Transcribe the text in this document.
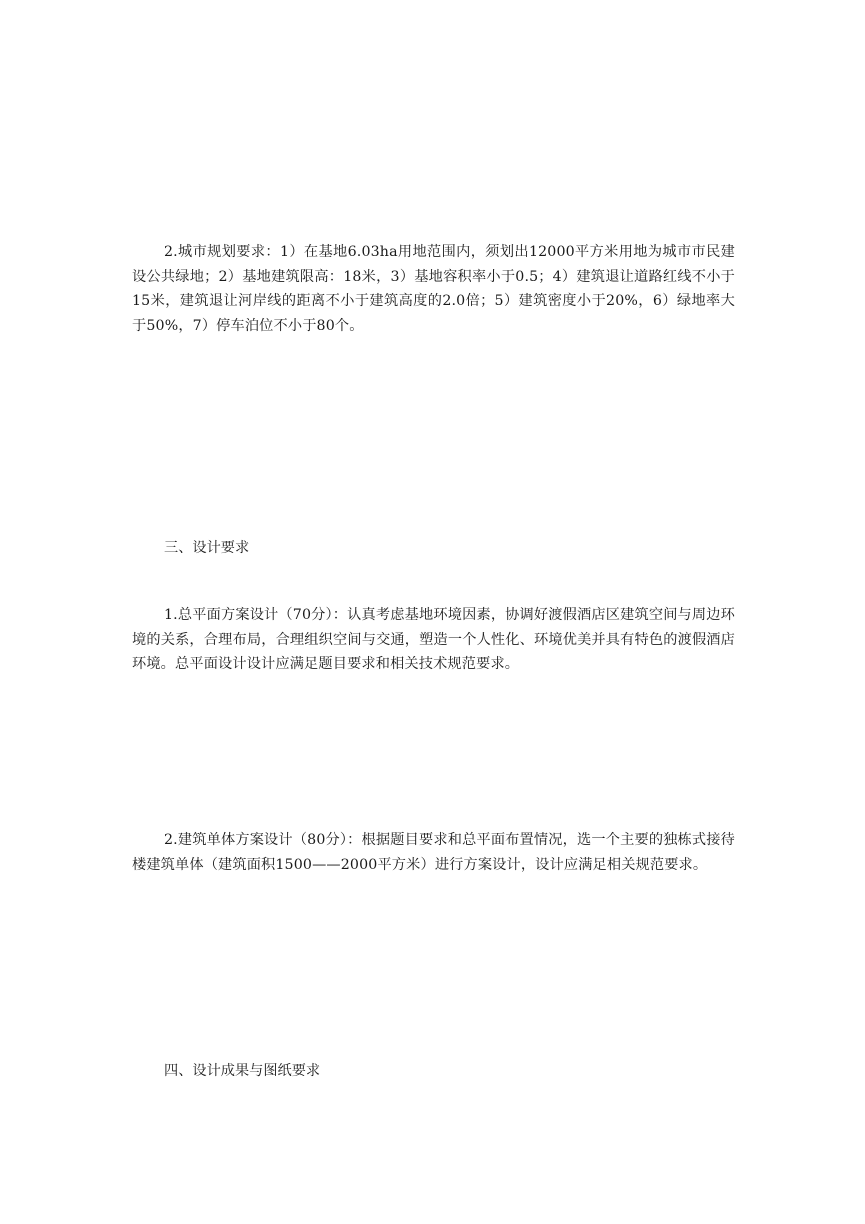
2.城市规划要求：1）在基地6.03ha用地范围内，须划出12000平方米用地为城市市民建设公共绿地；2）基地建筑限高：18米，3）基地容积率小于0.5；4）建筑退让道路红线不小于15米，建筑退让河岸线的距离不小于建筑高度的2.0倍；5）建筑密度小于20%，6）绿地率大于50%，7）停车泊位不小于80个。

三、设计要求

1.总平面方案设计（70分）：认真考虑基地环境因素，协调好渡假酒店区建筑空间与周边环境的关系，合理布局，合理组织空间与交通，塑造一个人性化、环境优美并具有特色的渡假酒店环境。总平面设计设计应满足题目要求和相关技术规范要求。

2.建筑单体方案设计（80分）：根据题目要求和总平面布置情况，选一个主要的独栋式接待楼建筑单体（建筑面积1500——2000平方米）进行方案设计，设计应满足相关规范要求。

四、设计成果与图纸要求
